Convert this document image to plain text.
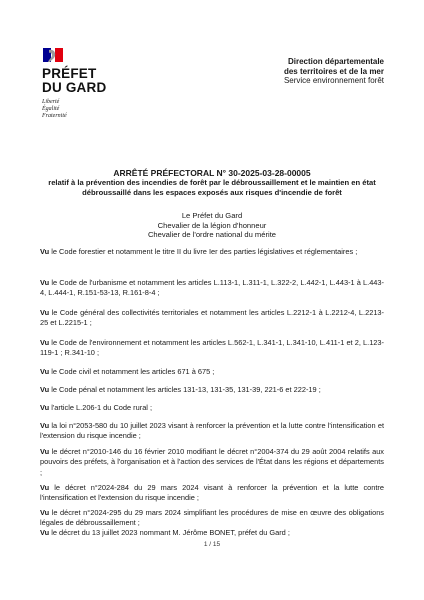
PRÉFET
DU GARD
Liberté
Égalité
Fraternité
Direction départementale
des territoires et de la mer
Service environnement forêt
ARRÊTÉ PRÉFECTORAL N° 30-2025-03-28-00005
relatif à la prévention des incendies de forêt par le débroussaillement et le maintien en état
débroussaillé dans les espaces exposés aux risques d'incendie de forêt
Le Préfet du Gard
Chevalier de la légion d'honneur
Chevalier de l'ordre national du mérite
Vu le Code forestier et notamment le titre II du livre Ier des parties législatives et réglementaires ;
Vu le Code de l'urbanisme et notamment les articles L.113-1, L.311-1, L.322-2, L.442-1, L.443-1 à L.443-4, L.444-1, R.151-53-13, R.161-8-4 ;
Vu le Code général des collectivités territoriales et notamment les articles L.2212-1 à L.2212-4, L.2213-25 et L.2215-1 ;
Vu le Code de l'environnement et notamment les articles L.562-1, L.341-1, L.341-10, L.411-1 et 2, L.123-119-1 ; R.341-10 ;
Vu le Code civil et notamment les articles 671 à 675 ;
Vu le Code pénal et notamment les articles 131-13, 131-35, 131-39, 221-6 et 222-19 ;
Vu l'article L.206-1 du Code rural ;
Vu la loi n°2053-580 du 10 juillet 2023 visant à renforcer la prévention et la lutte contre l'intensification et l'extension du risque incendie ;
Vu le décret n°2010-146 du 16 février 2010 modifiant le décret n°2004-374 du 29 août 2004 relatifs aux pouvoirs des préfets, à l'organisation et à l'action des services de l'État dans les régions et départements ;
Vu le décret n°2024-284 du 29 mars 2024 visant à renforcer la prévention et la lutte contre l'intensification et l'extension du risque incendie ;
Vu le décret n°2024-295 du 29 mars 2024 simplifiant les procédures de mise en œuvre des obligations légales de débroussaillement ;
Vu le décret du 13 juillet 2023 nommant M. Jérôme BONET, préfet du Gard ;
1 / 15
